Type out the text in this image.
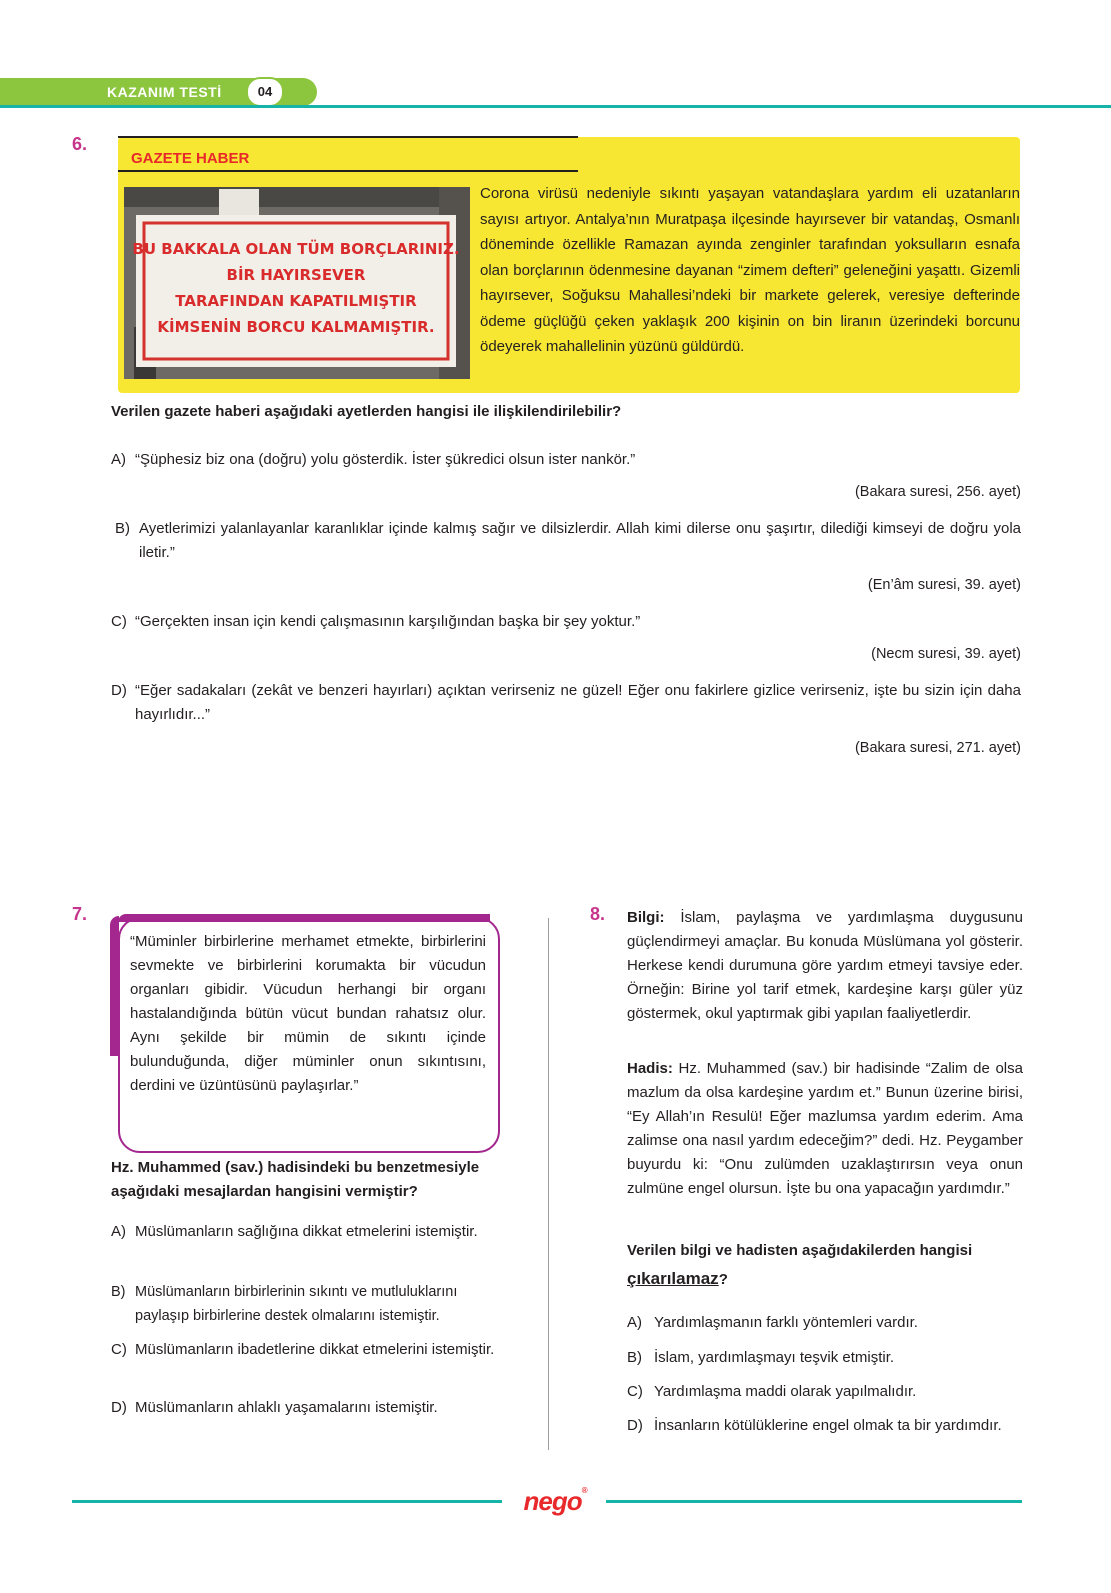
KAZANIM TESTİ	04
6.
GAZETE HABER
BU BAKKALA OLAN TÜM BORÇLARINIZ.
BİR HAYIRSEVER
TARAFINDAN KAPATILMIŞTIR
KİMSENİN BORCU KALMAMIŞTIR.
Corona virüsü nedeniyle sıkıntı yaşayan vatandaşlara yardım eli uzatanların sayısı artıyor. Antalya’nın Muratpaşa ilçesinde hayırsever bir vatandaş, Osmanlı döneminde özellikle Ramazan ayında zenginler tarafından yoksulların esnafa olan borçlarının ödenmesine dayanan “zimem defteri” geleneğini yaşattı. Gizemli hayırsever, Soğuksu Mahallesi’ndeki bir markete gelerek, veresiye defterinde ödeme güçlüğü çeken yaklaşık 200 kişinin on bin liranın üzerindeki borcunu ödeyerek mahallelinin yüzünü güldürdü.
Verilen gazete haberi aşağıdaki ayetlerden hangisi ile ilişkilendirilebilir?
A) “Şüphesiz biz ona (doğru) yolu gösterdik. İster şükredici olsun ister nankör.”
(Bakara suresi, 256. ayet)
B) Ayetlerimizi yalanlayanlar karanlıklar içinde kalmış sağır ve dilsizlerdir. Allah kimi dilerse onu şaşırtır, dilediği kimseyi de doğru yola iletir.”
(En’âm suresi, 39. ayet)
C) “Gerçekten insan için kendi çalışmasının karşılığından başka bir şey yoktur.”
(Necm suresi, 39. ayet)
D) “Eğer sadakaları (zekât ve benzeri hayırları) açıktan verirseniz ne güzel! Eğer onu fakirlere gizlice verirseniz, işte bu sizin için daha hayırlıdır...”
(Bakara suresi, 271. ayet)
7.
“Müminler birbirlerine merhamet etmekte, birbirlerini sevmekte ve birbirlerini korumakta bir vücudun organları gibidir. Vücudun herhangi bir organı hastalandığında bütün vücut bundan rahatsız olur. Aynı şekilde bir mümin de sıkıntı içinde bulunduğunda, diğer müminler onun sıkıntısını, derdini ve üzüntüsünü paylaşırlar.”
Hz. Muhammed (sav.) hadisindeki bu benzetmesiyle aşağıdaki mesajlardan hangisini vermiştir?
A) Müslümanların sağlığına dikkat etmelerini istemiştir.
B) Müslümanların birbirlerinin sıkıntı ve mutluluklarını paylaşıp birbirlerine destek olmalarını istemiştir.
C) Müslümanların ibadetlerine dikkat etmelerini istemiştir.
D) Müslümanların ahlaklı yaşamalarını istemiştir.
8. Bilgi: İslam, paylaşma ve yardımlaşma duygusunu güçlendirmeyi amaçlar. Bu konuda Müslümana yol gösterir. Herkese kendi durumuna göre yardım etmeyi tavsiye eder. Örneğin: Birine yol tarif etmek, kardeşine karşı güler yüz göstermek, okul yaptırmak gibi yapılan faaliyetlerdir.
Hadis: Hz. Muhammed (sav.) bir hadisinde “Zalim de olsa mazlum da olsa kardeşine yardım et.” Bunun üzerine birisi, “Ey Allah’ın Resulü! Eğer mazlumsa yardım ederim. Ama zalimse ona nasıl yardım edeceğim?” dedi. Hz. Peygamber buyurdu ki: “Onu zulümden uzaklaştırırsın veya onun zulmüne engel olursun. İşte bu ona yapacağın yardımdır.”
Verilen bilgi ve hadisten aşağıdakilerden hangisi çıkarılamaz?
A) Yardımlaşmanın farklı yöntemleri vardır.
B) İslam, yardımlaşmayı teşvik etmiştir.
C) Yardımlaşma maddi olarak yapılmalıdır.
D) İnsanların kötülüklerine engel olmak ta bir yardımdır.
nego®
